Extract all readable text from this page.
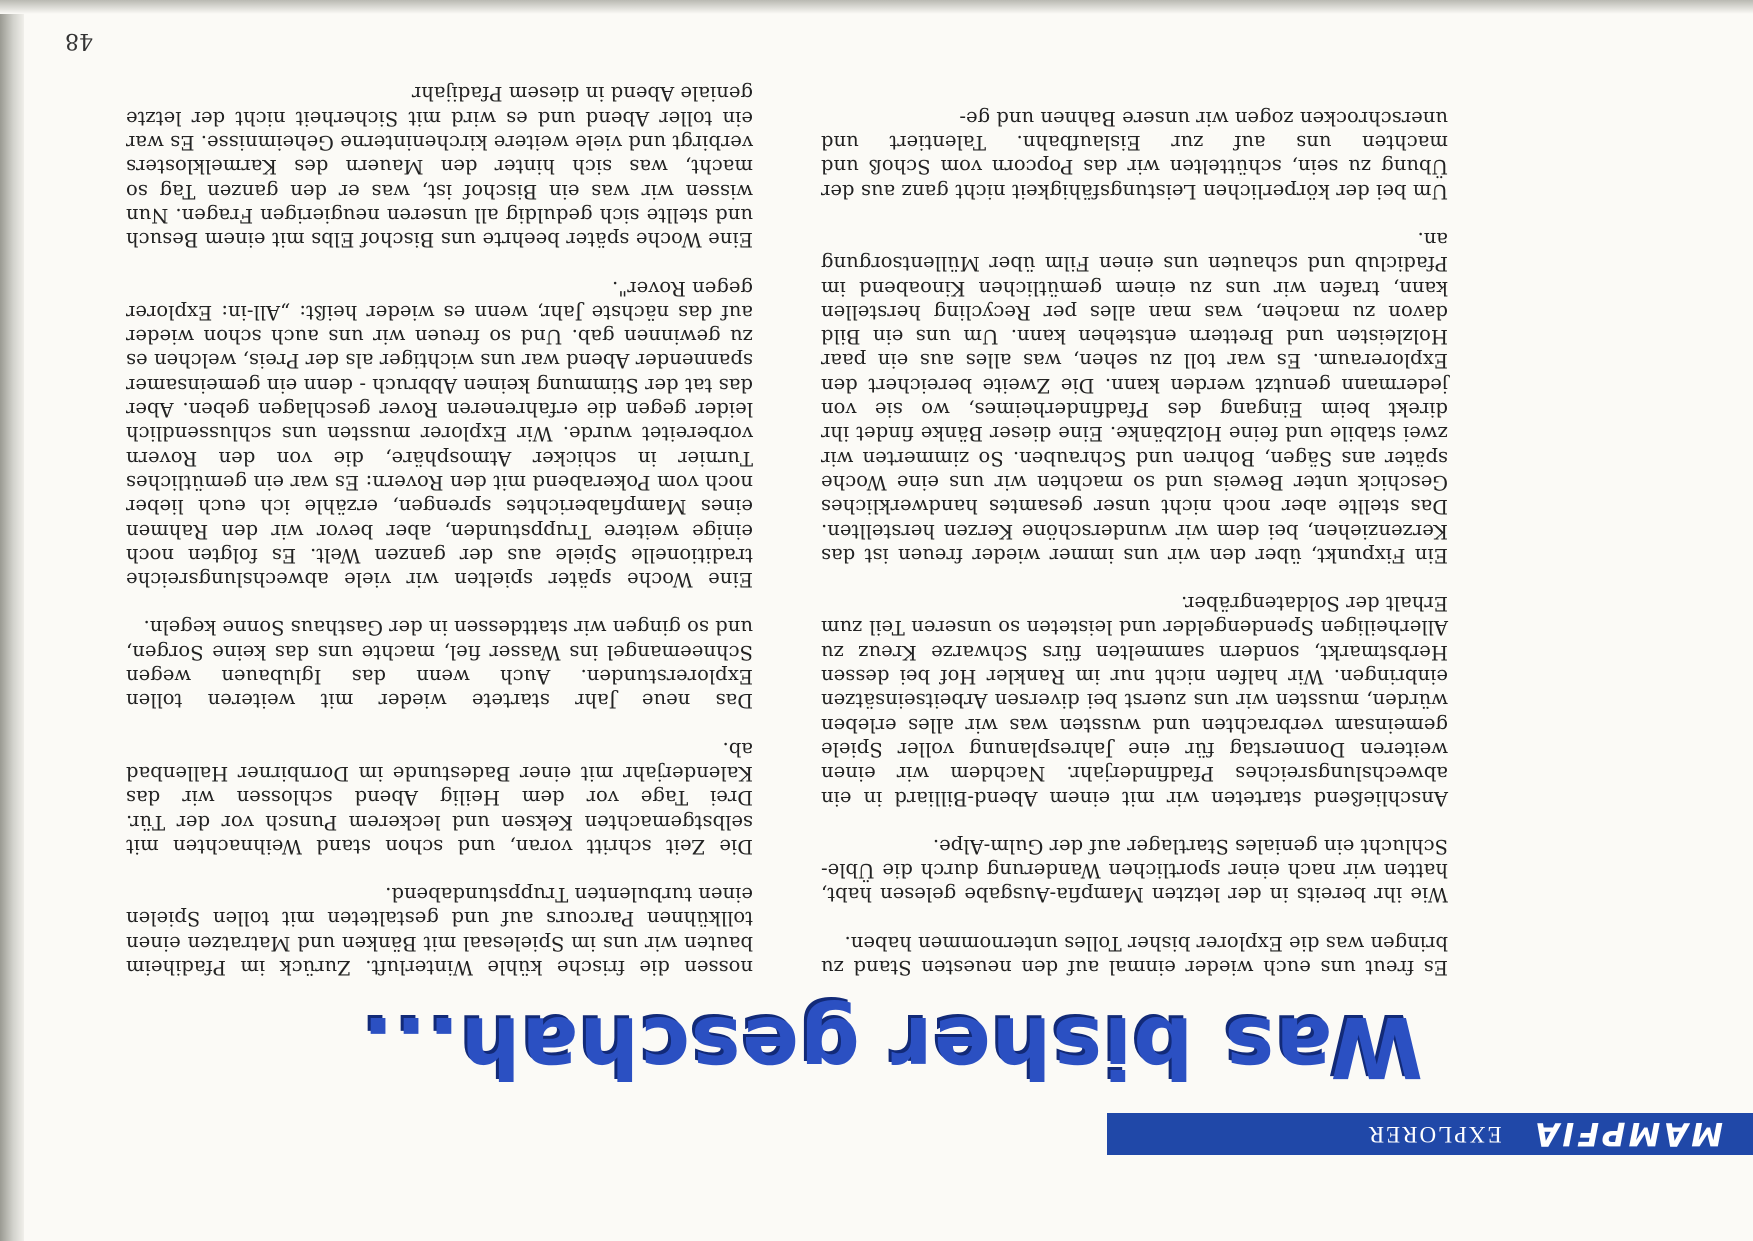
MAMPFIA
EXPLORER
Was bisher geschah...

Es freut uns euch wieder einmal auf den neuesten Stand zu bringen was die Explorer bisher Tolles unternommen haben.

Wie ihr bereits in der letzten Mampfia-Ausgabe gelesen habt, hatten wir nach einer sportlichen Wanderung durch die Üble-Schlucht ein geniales Startlager auf der Gulm-Alpe.

Anschließend starteten wir mit einem Abend-Billiard in ein abwechslungsreiches Pfadfinderjahr. Nachdem wir einen weiteren Donnerstag für eine Jahresplanung voller Spiele gemeinsam verbrachten und wussten was wir alles erleben würden, mussten wir uns zuerst bei diversen Arbeitseinsätzen einbringen. Wir halfen nicht nur im Rankler Hof bei dessen Herbstmarkt, sondern sammelten fürs Schwarze Kreuz zu Allerheiligen Spendengelder und leisteten so unseren Teil zum Erhalt der Soldatengräber.

Ein Fixpunkt, über den wir uns immer wieder freuen ist das Kerzenziehen, bei dem wir wunderschöne Kerzen herstellten. Das stellte aber noch nicht unser gesamtes handwerkliches Geschick unter Beweis und so machten wir uns eine Woche später ans Sägen, Bohren und Schrauben. So zimmerten wir zwei stabile und feine Holzbänke. Eine dieser Bänke findet ihr direkt beim Eingang des Pfadfinderheimes, wo sie von jedermann genutzt werden kann. Die Zweite bereichert den Exploreraum. Es war toll zu sehen, was alles aus ein paar Holzleisten und Brettern entstehen kann. Um uns ein Bild davon zu machen, was man alles per Recycling herstellen kann, trafen wir uns zu einem gemütlichen Kinoabend im Pfadiclub und schauten uns einen Film über Müllentsorgung an.

Um bei der körperlichen Leistungsfähigkeit nicht ganz aus der Übung zu sein, schüttelten wir das Popcorn vom Schoß und machten uns auf zur Eislaufbahn. Talentiert und unerschrocken zogen wir unsere Bahnen und ge-

nossen die frische kühle Winterluft. Zurück im Pfadiheim bauten wir uns im Spielesaal mit Bänken und Matratzen einen tollkühnen Parcours auf und gestalteten mit tollen Spielen einen turbulenten Truppstundabend.

Die Zeit schritt voran, und schon stand Weihnachten mit selbstgemachten Keksen und leckerem Punsch vor der Tür. Drei Tage vor dem Heilig Abend schlossen wir das Kalenderjahr mit einer Badestunde im Dornbirner Hallenbad ab.

Das neue Jahr startete wieder mit weiteren tollen Explorerstunden. Auch wenn das Iglubauen wegen Schneemangel ins Wasser fiel, machte uns das keine Sorgen, und so gingen wir stattdessen in der Gasthaus Sonne kegeln.

Eine Woche später spielten wir viele abwechslungsreiche traditionelle Spiele aus der ganzen Welt. Es folgten noch einige weitere Truppstunden, aber bevor wir den Rahmen eines Mampfiaberichtes sprengen, erzähle ich euch lieber noch vom Pokerabend mit den Rovern: Es war ein gemütliches Turnier in schicker Atmosphäre, die von den Rovern vorbereitet wurde. Wir Explorer mussten uns schlussendlich leider gegen die erfahreneren Rover geschlagen geben. Aber das tat der Stimmung keinen Abbruch - denn ein gemeinsamer spannender Abend war uns wichtiger als der Preis, welchen es zu gewinnen gab. Und so freuen wir uns auch schon wieder auf das nächste Jahr, wenn es wieder heißt: „All-in: Explorer gegen Rover".

Eine Woche später beehrte uns Bischof Elbs mit einem Besuch und stellte sich geduldig all unseren neugierigen Fragen. Nun wissen wir was ein Bischof ist, was er den ganzen Tag so macht, was sich hinter den Mauern des Karmelklosters verbirgt und viele weitere kircheninterne Geheimnisse. Es war ein toller Abend und es wird mit Sicherheit nicht der letzte geniale Abend in diesem Pfadijahr

48
